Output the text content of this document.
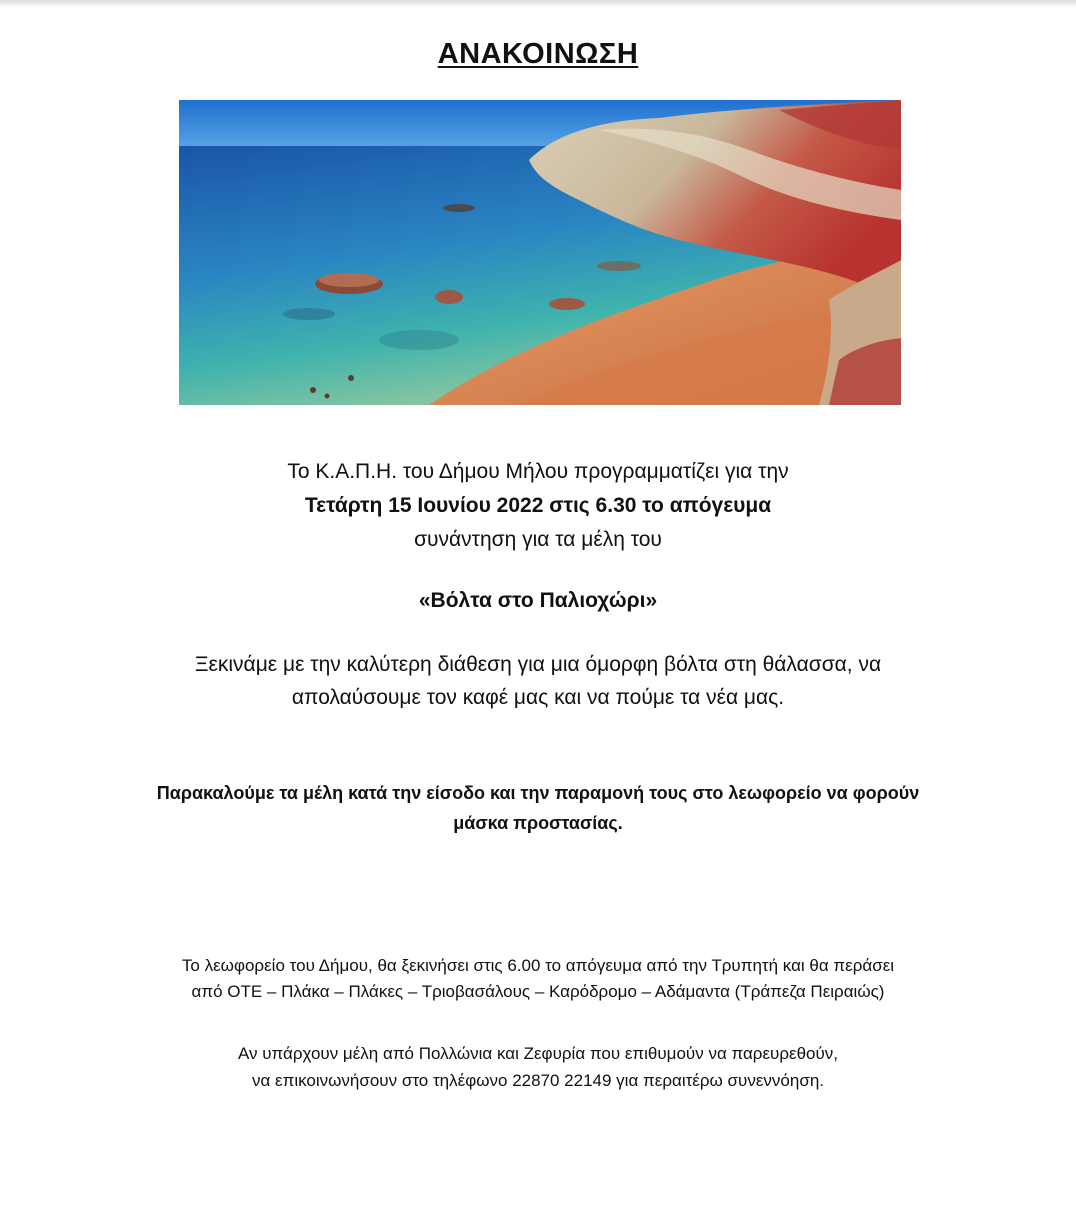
ΑΝΑΚΟΙΝΩΣΗ
Το Κ.Α.Π.Η. του Δήμου Μήλου προγραμματίζει για την
Τετάρτη 15 Ιουνίου 2022 στις 6.30 το απόγευμα
συνάντηση για τα μέλη του
«Βόλτα στο Παλιοχώρι»
Ξεκινάμε με την καλύτερη διάθεση για μια όμορφη βόλτα στη θάλασσα, να
απολαύσουμε τον καφέ μας και να πούμε τα νέα μας.
Παρακαλούμε τα μέλη κατά την είσοδο και την παραμονή τους στο λεωφορείο να φορούν
μάσκα προστασίας.
Το λεωφορείο του Δήμου, θα ξεκινήσει στις 6.00 το απόγευμα από την Τρυπητή και θα περάσει
από ΟΤΕ – Πλάκα – Πλάκες – Τριοβασάλους – Καρόδρομο – Αδάμαντα (Τράπεζα Πειραιώς)
Αν υπάρχουν μέλη από Πολλώνια και Ζεφυρία που επιθυμούν να παρευρεθούν,
να επικοινωνήσουν στο τηλέφωνο 22870 22149 για περαιτέρω συνεννόηση.
